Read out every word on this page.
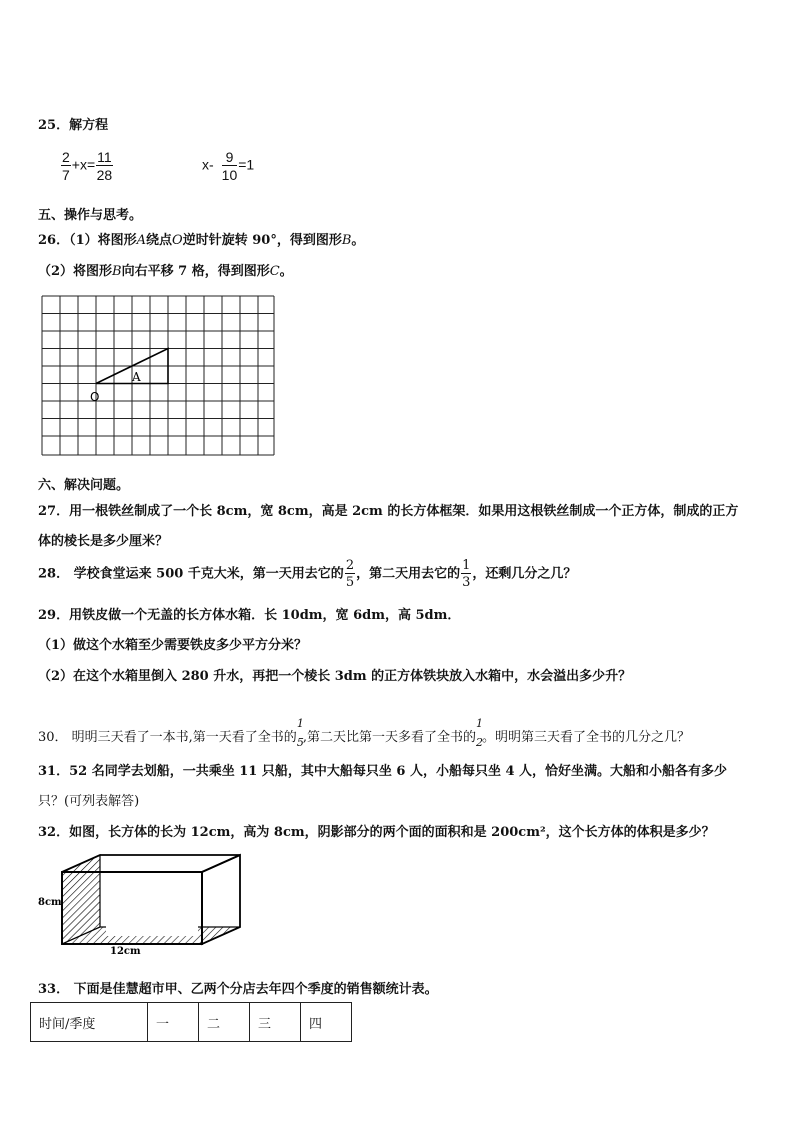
25．解方程
$\frac{2}{7} +x= \frac{11}{28}$	$x- \frac{9}{10} =1$
五、操作与思考。
26．（1）将图形A绕点O逆时针旋转 90°，得到图形B。
（2）将图形B向右平移 7 格，得到图形C。
A
O
六、解决问题。
27．用一根铁丝制成了一个长 8cm，宽 8cm，高是 2cm 的长方体框架．如果用这根铁丝制成一个正方体，制成的正方
体的棱长是多少厘米？
28． 学校食堂运来 500 千克大米，第一天用去它的 $\frac{2}{5}$ ，第二天用去它的 $\frac{1}{3}$ ，还剩几分之几？
29．用铁皮做一个无盖的长方体水箱．长 10dm，宽 6dm，高 5dm．
（1）做这个水箱至少需要铁皮多少平方分米？
（2）在这个水箱里倒入 280 升水，再把一个棱长 3dm 的正方体铁块放入水箱中，水会溢出多少升？
30． 明明三天看了一本书,第一天看了全书的
1
5 ,第二天比第一天多看了全书的
1
2 。明明第三天看了全书的几分之几？
31．52 名同学去划船，一共乘坐 11 只船，其中大船每只坐 6 人，小船每只坐 4 人，恰好坐满。大船和小船各有多少
只？(可列表解答)
32．如图，长方体的长为 12cm，高为 8cm，阴影部分的两个面的面积和是 200cm²，这个长方体的体积是多少？
8cm
12cm
33． 下面是佳慧超市甲、乙两个分店去年四个季度的销售额统计表。
时间/季度	一	二	三	四
